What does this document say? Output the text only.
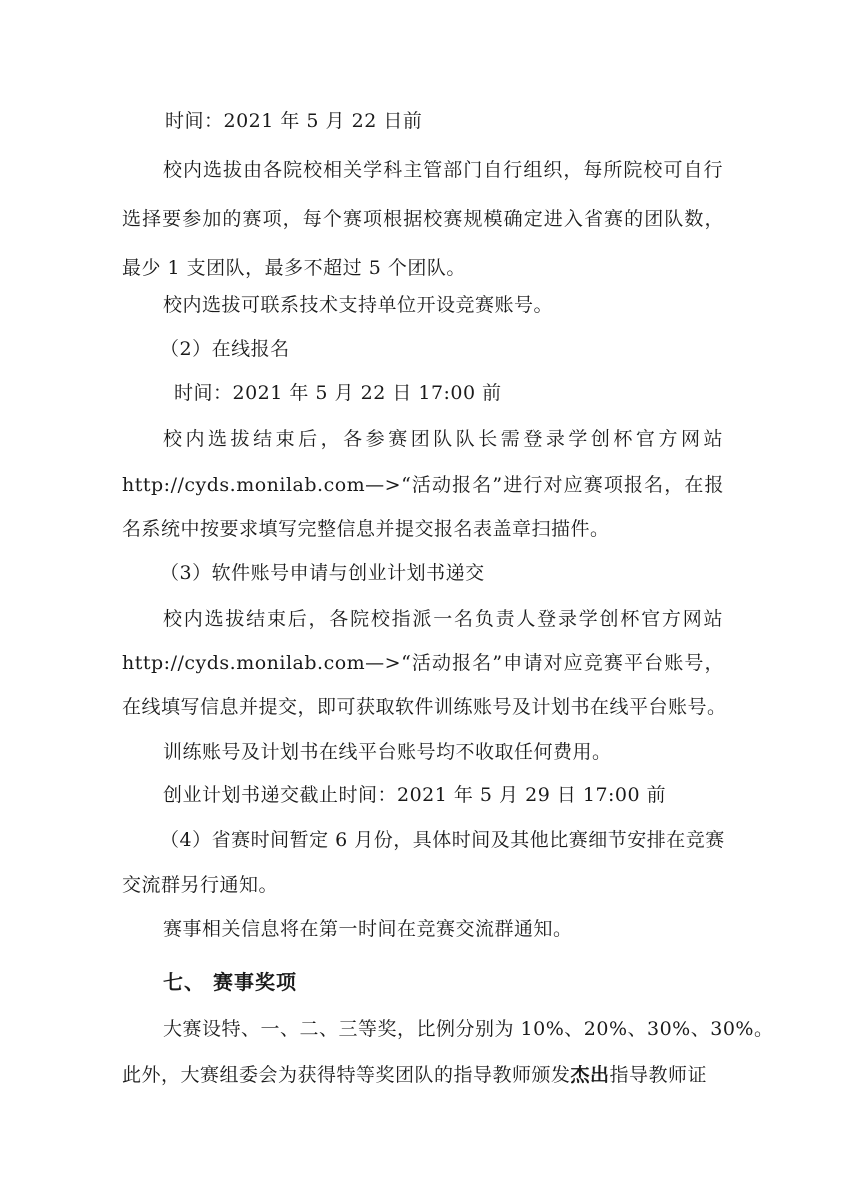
时间：2021 年 5 月 22 日前
校内选拔由各院校相关学科主管部门自行组织，每所院校可自行
选择要参加的赛项，每个赛项根据校赛规模确定进入省赛的团队数，
最少 1 支团队，最多不超过 5 个团队。
校内选拔可联系技术支持单位开设竞赛账号。
（2）在线报名
时间：2021 年 5 月 22 日 17:00 前
校内选拔结束后，各参赛团队队长需登录学创杯官方网站
http://cyds.monilab.com—>“活动报名”进行对应赛项报名，在报
名系统中按要求填写完整信息并提交报名表盖章扫描件。
（3）软件账号申请与创业计划书递交
校内选拔结束后，各院校指派一名负责人登录学创杯官方网站
http://cyds.monilab.com—>“活动报名”申请对应竞赛平台账号，
在线填写信息并提交，即可获取软件训练账号及计划书在线平台账号。
训练账号及计划书在线平台账号均不收取任何费用。
创业计划书递交截止时间：2021 年 5 月 29 日 17:00 前
（4）省赛时间暂定 6 月份，具体时间及其他比赛细节安排在竞赛
交流群另行通知。
赛事相关信息将在第一时间在竞赛交流群通知。
七、 赛事奖项
大赛设特、一、二、三等奖，比例分别为 10%、20%、30%、30%。
此外，大赛组委会为获得特等奖团队的指导教师颁发杰出指导教师证
